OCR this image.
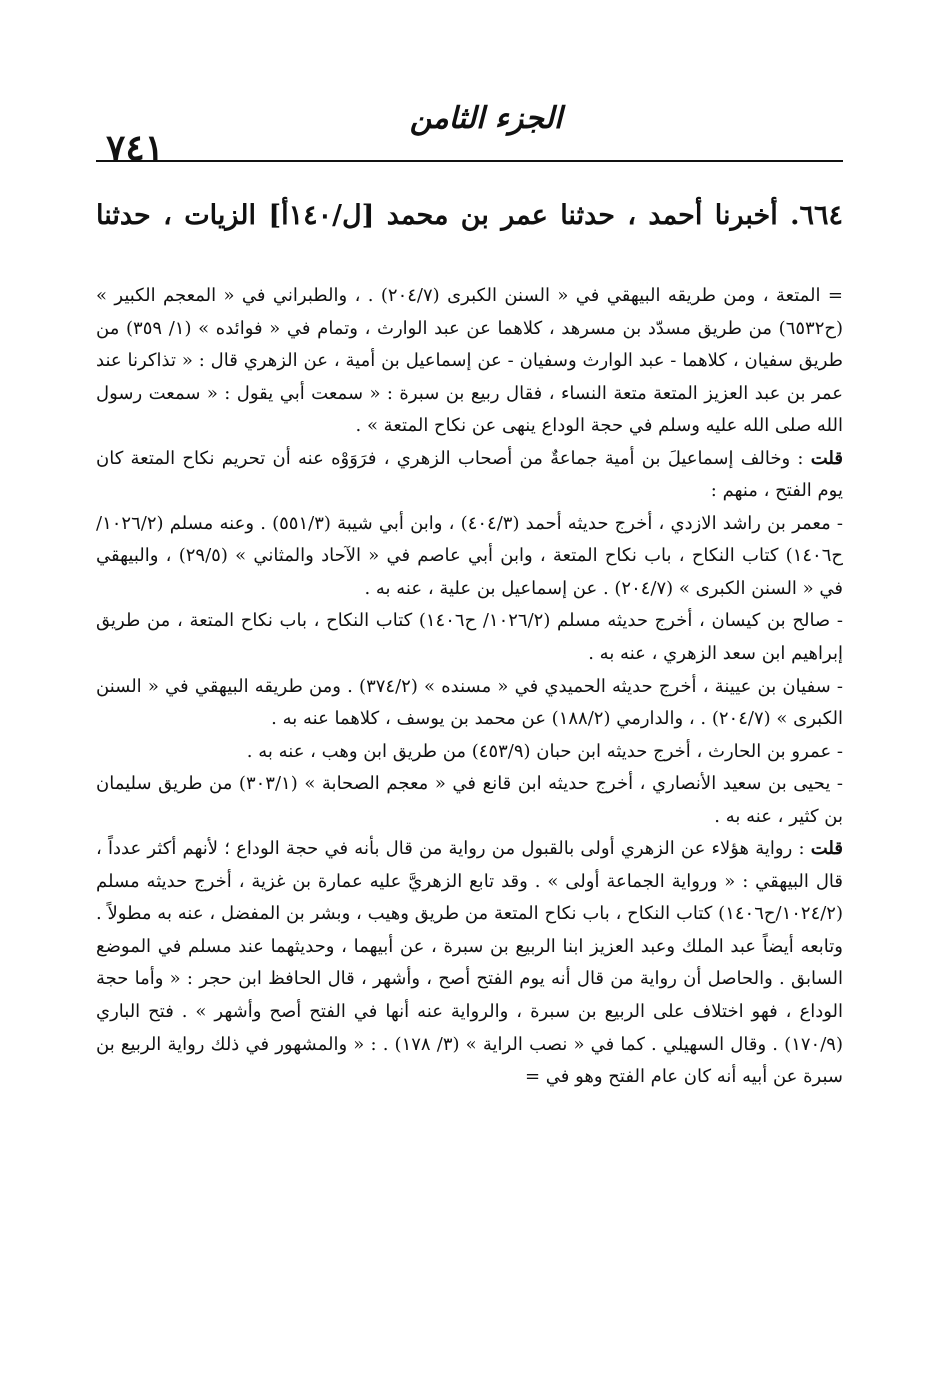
٧٤١
الجزء الثامن
٦٦٤. أخبرنا أحمد ، حدثنا عمر بن محمد [ل/١٤٠أ] الزيات ، حدثنا

= المتعة ، ومن طريقه البيهقي في « السنن الكبرى (٢٠٤/٧) . ، والطبراني في « المعجم الكبير » (ح٦٥٣٢) من طريق مسدّد بن مسرهد ، كلاهما عن عبد الوارث ، وتمام في « فوائده » (١/ ٣٥٩) من طريق سفيان ، كلاهما - عبد الوارث وسفيان - عن إسماعيل بن أمية ، عن الزهري قال : « تذاكرنا عند عمر بن عبد العزيز المتعة متعة النساء ، فقال ربيع بن سبرة : « سمعت أبي يقول : « سمعت رسول الله صلى الله عليه وسلم في حجة الوداع ينهى عن نكاح المتعة » .

قلت : وخالف إسماعيلَ بن أمية جماعةٌ من أصحاب الزهري ، فرَوَوْه عنه أن تحريم نكاح المتعة كان يوم الفتح ، منهم :

- معمر بن راشد الازدي ، أخرج حديثه أحمد (٤٠٤/٣) ، وابن أبي شيبة (٥٥١/٣) . وعنه مسلم (١٠٢٦/٢/ح١٤٠٦) كتاب النكاح ، باب نكاح المتعة ، وابن أبي عاصم في « الآحاد والمثاني » (٢٩/٥) ، والبيهقي في « السنن الكبرى » (٢٠٤/٧) . عن إسماعيل بن علية ، عنه به .

- صالح بن كيسان ، أخرج حديثه مسلم (١٠٢٦/٢/ ح١٤٠٦) كتاب النكاح ، باب نكاح المتعة ، من طريق إبراهيم ابن سعد الزهري ، عنه به .

- سفيان بن عيينة ، أخرج حديثه الحميدي في « مسنده » (٣٧٤/٢) . ومن طريقه البيهقي في « السنن الكبرى » (٢٠٤/٧) . ، والدارمي (١٨٨/٢) عن محمد بن يوسف ، كلاهما عنه به .

- عمرو بن الحارث ، أخرج حديثه ابن حبان (٤٥٣/٩) من طريق ابن وهب ، عنه به .

- يحيى بن سعيد الأنصاري ، أخرج حديثه ابن قانع في « معجم الصحابة » (٣٠٣/١) من طريق سليمان بن كثير ، عنه به .

قلت : رواية هؤلاء عن الزهري أولى بالقبول من رواية من قال بأنه في حجة الوداع ؛ لأنهم أكثر عدداً ، قال البيهقي : « ورواية الجماعة أولى » . وقد تابع الزهريَّ عليه عمارة بن غزية ، أخرج حديثه مسلم (١٠٢٤/٢/ح١٤٠٦) كتاب النكاح ، باب نكاح المتعة من طريق وهيب ، وبشر بن المفضل ، عنه به مطولاً . وتابعه أيضاً عبد الملك وعبد العزيز ابنا الربيع بن سبرة ، عن أبيهما ، وحديثهما عند مسلم في الموضع السابق . والحاصل أن رواية من قال أنه يوم الفتح أصح ، وأشهر ، قال الحافظ ابن حجر : « وأما حجة الوداع ، فهو اختلاف على الربيع بن سبرة ، والرواية عنه أنها في الفتح أصح وأشهر » . فتح الباري (١٧٠/٩) . وقال السهيلي . كما في « نصب الراية » (٣/ ١٧٨) . : « والمشهور في ذلك رواية الربيع بن سبرة عن أبيه أنه كان عام الفتح وهو في =
